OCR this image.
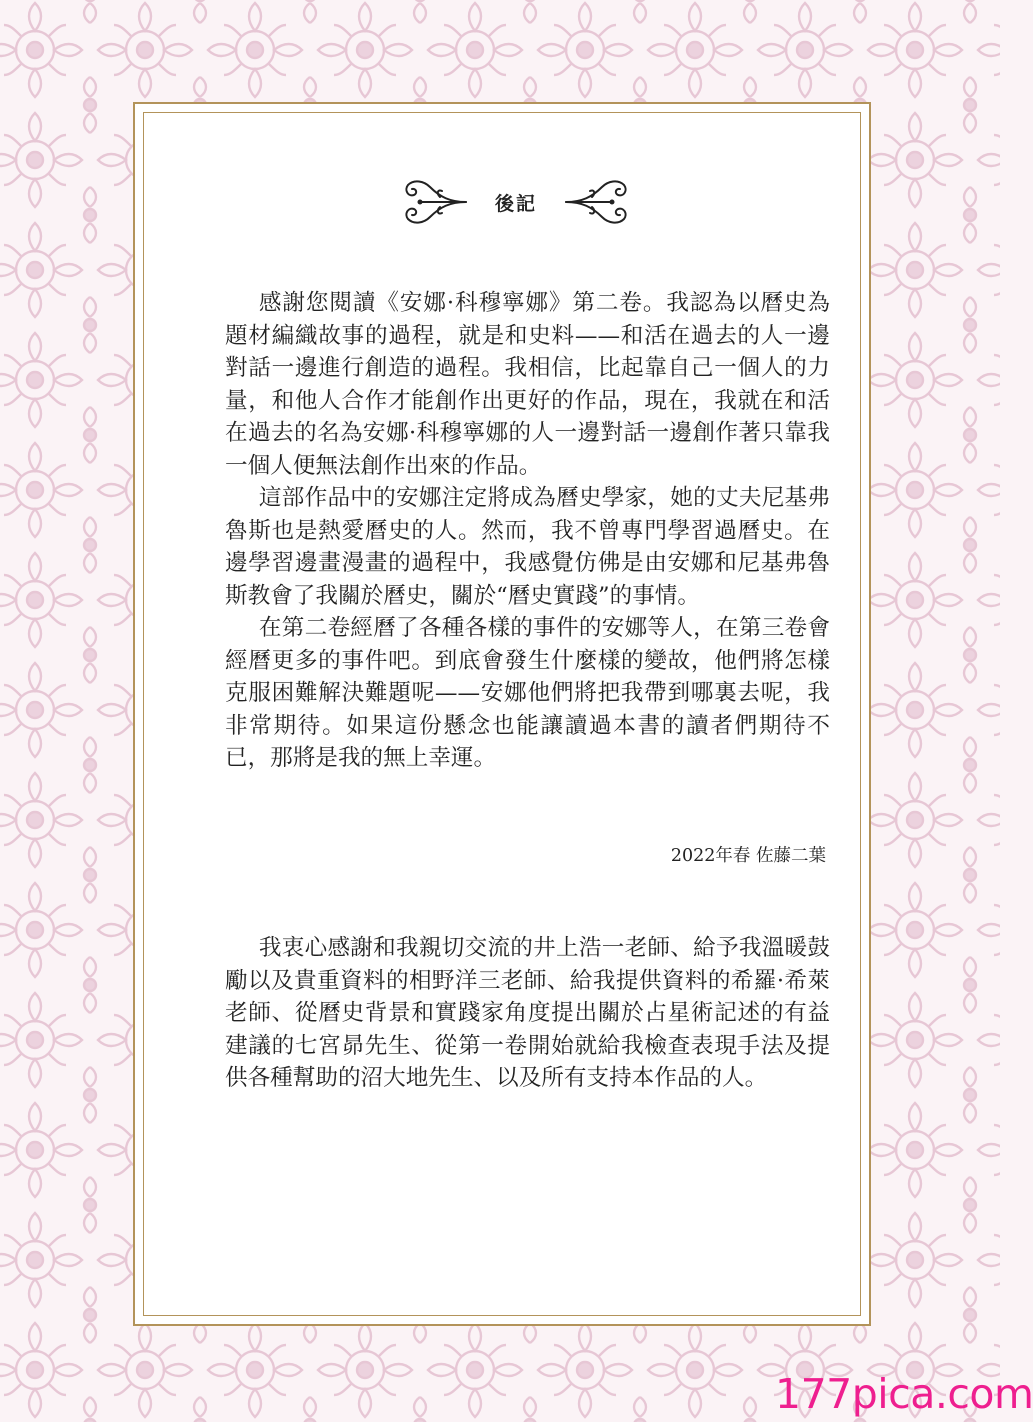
後記

感謝您閱讀《安娜·科穆寧娜》第二卷。我認為以曆史為題材編織故事的過程，就是和史料——和活在過去的人一邊對話一邊進行創造的過程。我相信，比起靠自己一個人的力量，和他人合作才能創作出更好的作品，現在，我就在和活在過去的名為安娜·科穆寧娜的人一邊對話一邊創作著只靠我一個人便無法創作出來的作品。

這部作品中的安娜注定將成為曆史學家，她的丈夫尼基弗魯斯也是熱愛曆史的人。然而，我不曾專門學習過曆史。在邊學習邊畫漫畫的過程中，我感覺仿佛是由安娜和尼基弗魯斯教會了我關於曆史，關於“曆史實踐”的事情。

在第二卷經曆了各種各樣的事件的安娜等人，在第三卷會經曆更多的事件吧。到底會發生什麼樣的變故，他們將怎樣克服困難解決難題呢——安娜他們將把我帶到哪裏去呢，我非常期待。如果這份懸念也能讓讀過本書的讀者們期待不已，那將是我的無上幸運。

2022年春 佐藤二葉

我衷心感謝和我親切交流的井上浩一老師、給予我溫暖鼓勵以及貴重資料的相野洋三老師、給我提供資料的希羅·希萊老師、從曆史背景和實踐家角度提出關於占星術記述的有益建議的七宮昴先生、從第一卷開始就給我檢查表現手法及提供各種幫助的沼大地先生、以及所有支持本作品的人。

177pica.com
